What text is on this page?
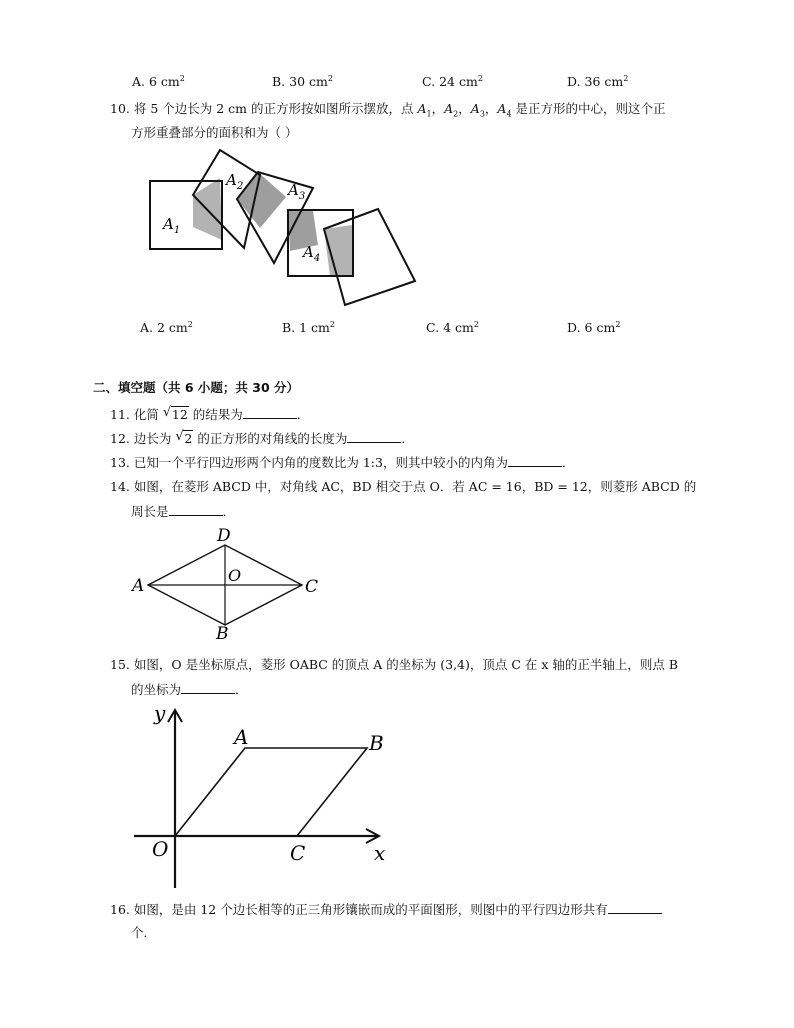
A. 6 $cm^2$	B. 30 $cm^2$	C. 24 $cm^2$	D. 36 $cm^2$
10. 将 5 个边长为 2 cm 的正方形按如图所示摆放，点 $A_1$，$A_2$，$A_3$，$A_4$ 是正方形的中心，则这个正
方形重叠部分的面积和为（ ）
$A_1$
$A_2$	$A_3$
$A_4$
A. 2 $cm^2$	B. 1 $cm^2$	C. 4 $cm^2$	D. 6 $cm^2$
二、填空题（共 6 小题；共 30 分）
11. 化简 √ 12 的结果为	．
12. 边长为 √ 2 的正方形的对角线的长度为	．
13. 已知一个平行四边形两个内角的度数比为 1:3，则其中较小的内角为	．
14. 如图，在菱形 ABCD 中，对角线 AC，BD 相交于点 O．若 AC = 16，BD = 12，则菱形 ABCD 的
周长是	．
A
D
C
B
O
15. 如图，O 是坐标原点，菱形 OABC 的顶点 A 的坐标为 (3,4)，顶点 C 在 x 轴的正半轴上，则点 B
的坐标为	．
y
x
O
A	B
C
16. 如图，是由 12 个边长相等的正三角形镶嵌而成的平面图形，则图中的平行四边形共有
个．
